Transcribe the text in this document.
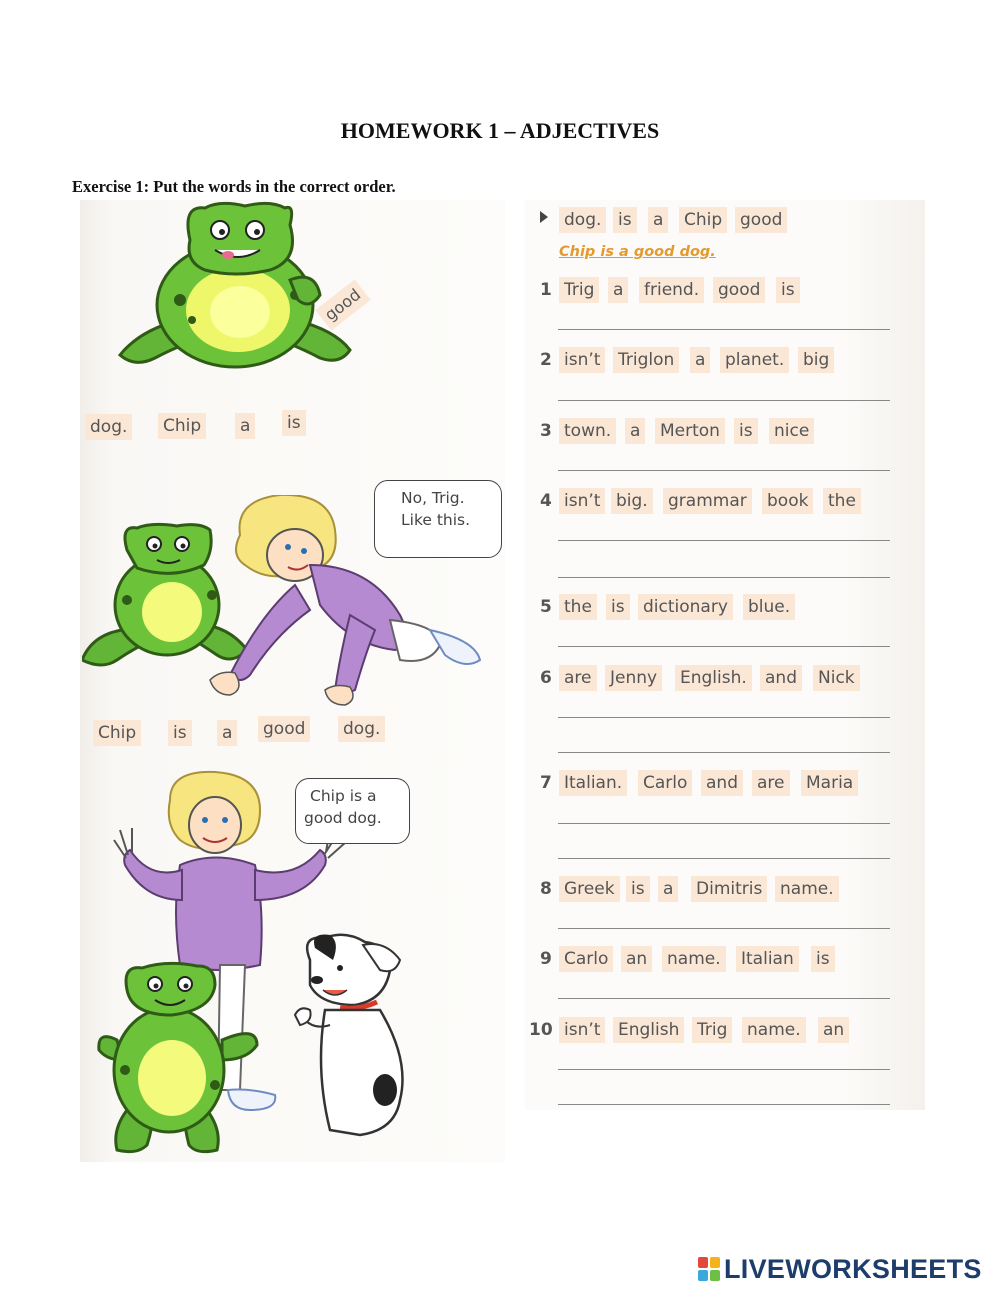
HOMEWORK 1 – ADJECTIVES
Exercise 1: Put the words in the correct order.
good
dog. Chip a is
No, Trig.
Like this.
Chip is a good dog.
Chip is a
good dog.
dog. is a Chip good
Chip is a good dog.
1 Trig a friend. good is
2 isn’t Triglon a planet. big
3 town. a Merton is nice
4 isn’t big. grammar book the
5 the is dictionary blue.
6 are Jenny English. and Nick
7 Italian. Carlo and are Maria
8 Greek is a Dimitris name.
9 Carlo an name. Italian is
10 isn’t English Trig name. an
LIVEWORKSHEETS
